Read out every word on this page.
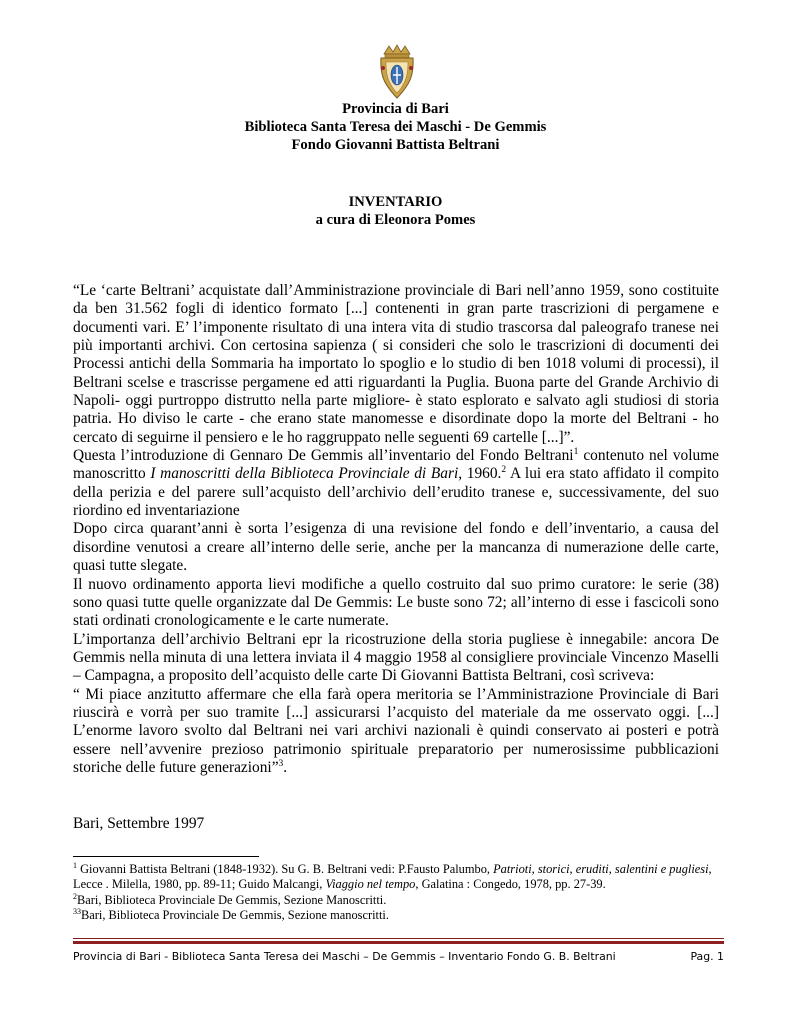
Provincia di Bari
Biblioteca Santa Teresa dei Maschi - De Gemmis
Fondo Giovanni Battista Beltrani
INVENTARIO
a cura di Eleonora Pomes

“Le ‘carte Beltrani’ acquistate dall’Amministrazione provinciale di Bari nell’anno 1959, sono costituite da ben 31.562 fogli di identico formato [...] contenenti in gran parte trascrizioni di pergamene e documenti vari. E’ l’imponente risultato di una intera vita di studio trascorsa dal paleografo tranese nei più importanti archivi. Con certosina sapienza ( si consideri che solo le trascrizioni di documenti dei Processi antichi della Sommaria ha importato lo spoglio e lo studio di ben 1018 volumi di processi), il Beltrani scelse e trascrisse pergamene ed atti riguardanti la Puglia. Buona parte del Grande Archivio di Napoli- oggi purtroppo distrutto nella parte migliore- è stato esplorato e salvato agli studiosi di storia patria. Ho diviso le carte - che erano state manomesse e disordinate dopo la morte del Beltrani - ho cercato di seguirne il pensiero e le ho raggruppato nelle seguenti 69 cartelle [...]”.

Questa l’introduzione di Gennaro De Gemmis all’inventario del Fondo Beltrani$^1$ contenuto nel volume manoscritto I manoscritti della Biblioteca Provinciale di Bari, 1960.$^2$ A lui era stato affidato il compito della perizia e del parere sull’acquisto dell’archivio dell’erudito tranese e, successivamente, del suo riordino ed inventariazione

Dopo circa quarant’anni è sorta l’esigenza di una revisione del fondo e dell’inventario, a causa del disordine venutosi a creare all’interno delle serie, anche per la mancanza di numerazione delle carte, quasi tutte slegate.

Il nuovo ordinamento apporta lievi modifiche a quello costruito dal suo primo curatore: le serie (38) sono quasi tutte quelle organizzate dal De Gemmis: Le buste sono 72; all’interno di esse i fascicoli sono stati ordinati cronologicamente e le carte numerate.

L’importanza dell’archivio Beltrani epr la ricostruzione della storia pugliese è innegabile: ancora De Gemmis nella minuta di una lettera inviata il 4 maggio 1958 al consigliere provinciale Vincenzo Maselli – Campagna, a proposito dell’acquisto delle carte Di Giovanni Battista Beltrani, così scriveva:

“ Mi piace anzitutto affermare che ella farà opera meritoria se l’Amministrazione Provinciale di Bari riuscirà e vorrà per suo tramite [...] assicurarsi l’acquisto del materiale da me osservato oggi. [...] L’enorme lavoro svolto dal Beltrani nei vari archivi nazionali è quindi conservato ai posteri e potrà essere nell’avvenire prezioso patrimonio spirituale preparatorio per numerosissime pubblicazioni storiche delle future generazioni”$^3$.

Bari, Settembre 1997

$^1$ Giovanni Battista Beltrani (1848-1932). Su G. B. Beltrani vedi: P.Fausto Palumbo, Patrioti, storici, eruditi, salentini e pugliesi, Lecce . Milella, 1980, pp. 89-11; Guido Malcangi, Viaggio nel tempo, Galatina : Congedo, 1978, pp. 27-39.

$^2$Bari, Biblioteca Provinciale De Gemmis, Sezione Manoscritti.

$^{33}$Bari, Biblioteca Provinciale De Gemmis, Sezione manoscritti.

Provincia di Bari - Biblioteca Santa Teresa dei Maschi – De Gemmis – Inventario Fondo G. B. Beltrani	Pag. 1
